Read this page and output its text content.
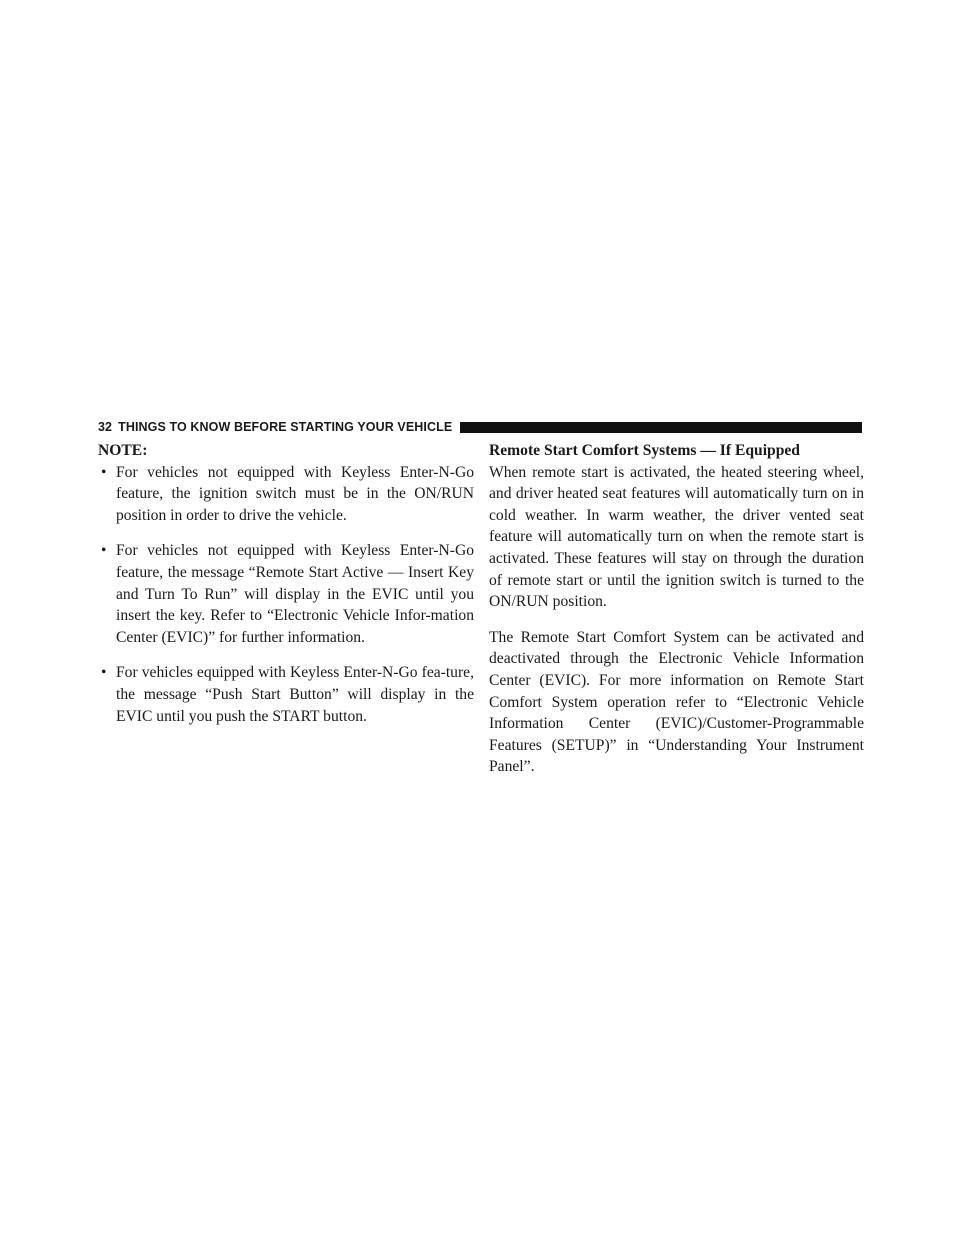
32 THINGS TO KNOW BEFORE STARTING YOUR VEHICLE

NOTE:

• For vehicles not equipped with Keyless Enter-N-Go feature, the ignition switch must be in the ON/RUN position in order to drive the vehicle.
• For vehicles not equipped with Keyless Enter-N-Go feature, the message “Remote Start Active — Insert Key and Turn To Run” will display in the EVIC until you insert the key. Refer to “Electronic Vehicle Infor-mation Center (EVIC)” for further information.
• For vehicles equipped with Keyless Enter-N-Go fea-ture, the message “Push Start Button” will display in the EVIC until you push the START button.

Remote Start Comfort Systems — If Equipped

When remote start is activated, the heated steering wheel, and driver heated seat features will automatically turn on in cold weather. In warm weather, the driver vented seat feature will automatically turn on when the remote start is activated. These features will stay on through the duration of remote start or until the ignition switch is turned to the ON/RUN position.

The Remote Start Comfort System can be activated and deactivated through the Electronic Vehicle Information Center (EVIC). For more information on Remote Start Comfort System operation refer to “Electronic Vehicle Information Center (EVIC)/Customer-Programmable Features (SETUP)” in “Understanding Your Instrument Panel”.
